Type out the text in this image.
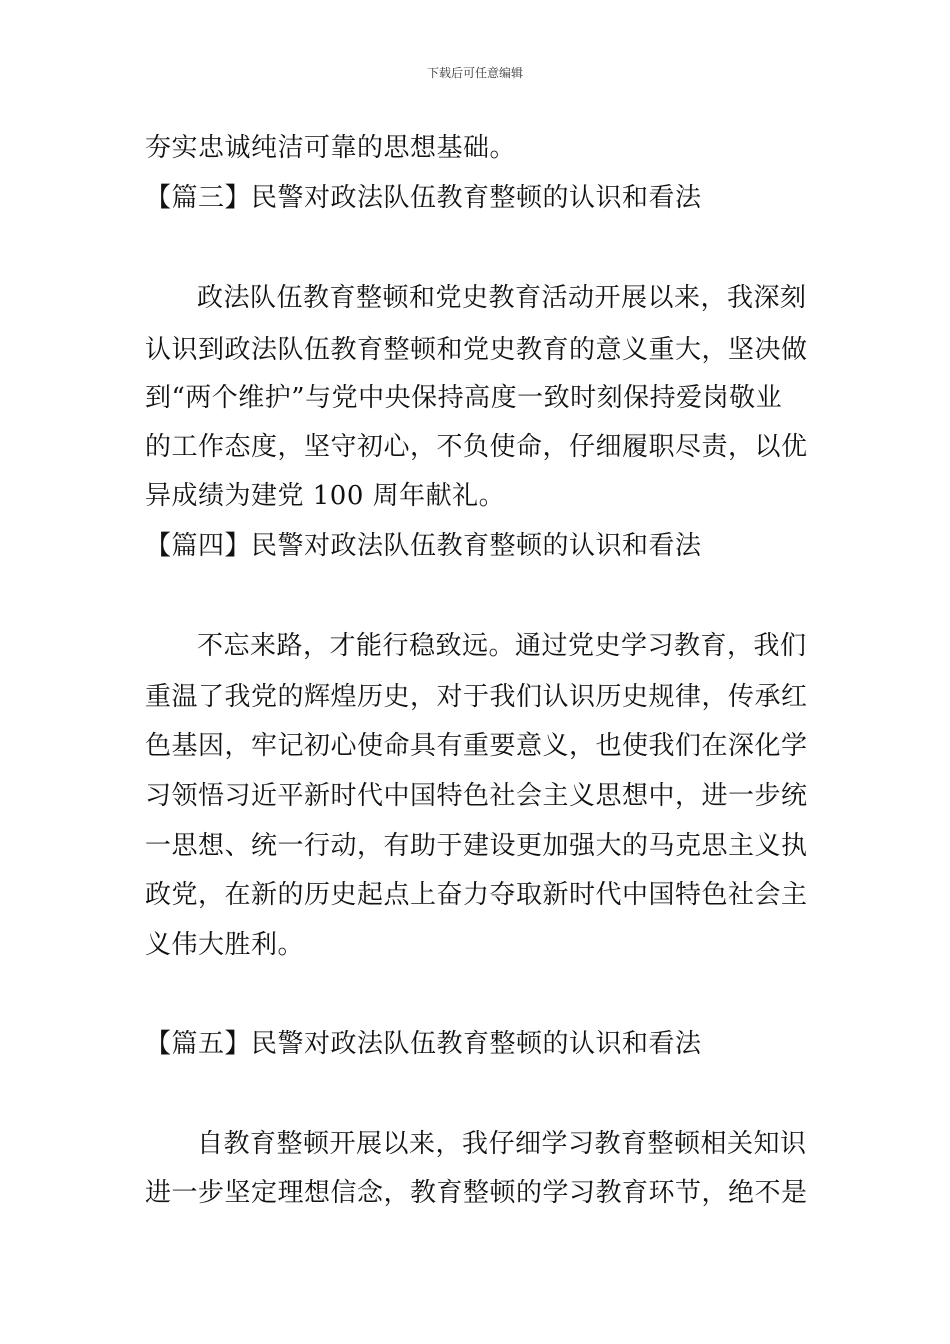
下载后可任意编辑
夯实忠诚纯洁可靠的思想基础。
【篇三】民警对政法队伍教育整顿的认识和看法
政法队伍教育整顿和党史教育活动开展以来，我深刻
认识到政法队伍教育整顿和党史教育的意义重大，坚决做
到“两个维护”与党中央保持高度一致时刻保持爱岗敬业
的工作态度，坚守初心，不负使命，仔细履职尽责，以优
异成绩为建党 100 周年献礼。
【篇四】民警对政法队伍教育整顿的认识和看法
不忘来路，才能行稳致远。通过党史学习教育，我们
重温了我党的辉煌历史，对于我们认识历史规律，传承红
色基因，牢记初心使命具有重要意义，也使我们在深化学
习领悟习近平新时代中国特色社会主义思想中，进一步统
一思想、统一行动，有助于建设更加强大的马克思主义执
政党，在新的历史起点上奋力夺取新时代中国特色社会主
义伟大胜利。
【篇五】民警对政法队伍教育整顿的认识和看法
自教育整顿开展以来，我仔细学习教育整顿相关知识
进一步坚定理想信念，教育整顿的学习教育环节，绝不是
